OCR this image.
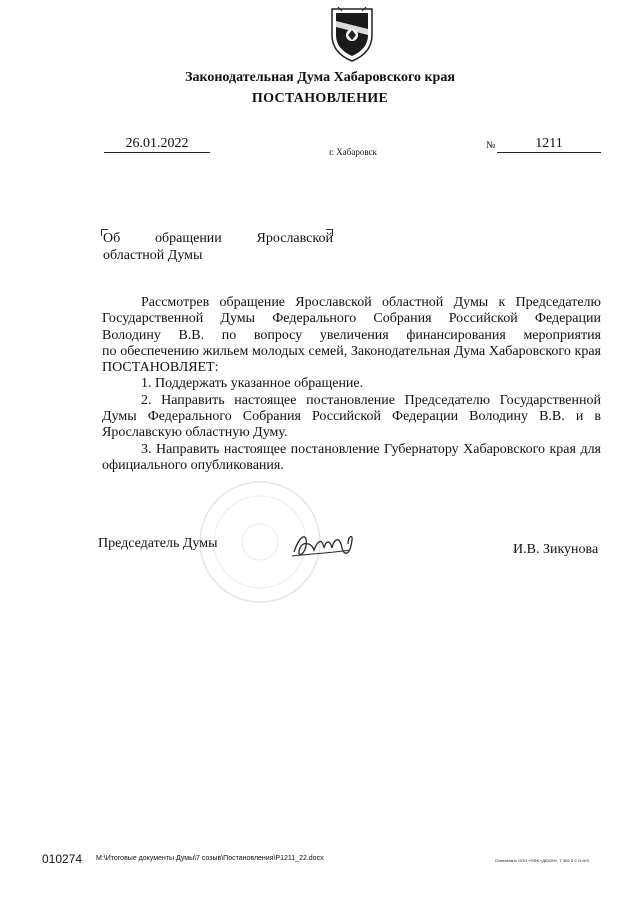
Законодательная Дума Хабаровского края
ПОСТАНОВЛЕНИЕ
26.01.2022
г. Хабаровск
№	1211
Об обращении Ярославской
областной Думы
Рассмотрев обращение Ярославской областной Думы к Председателю
Государственной Думы Федерального Собрания Российской Федерации
Володину В.В. по вопросу увеличения финансирования мероприятия
по обеспечению жильем молодых семей, Законодательная Дума Хабаровского края
ПОСТАНОВЛЯЕТ:
1. Поддержать указанное обращение.
2. Направить настоящее постановление Председателю Государственной Думы Федерального Собрания Российской Федерации Володину В.В. и в Ярославскую областную Думу.
3. Направить настоящее постановление Губернатору Хабаровского края для официального опубликования.
Председатель Думы	И.В. Зикунова
010274 М:\Итоговые документы Думы\7 созыв\Постановления\P1211_22.docx	Отпечатано ООО «ПФК «ДЮОН», Т 302 З С Н-Н/З
